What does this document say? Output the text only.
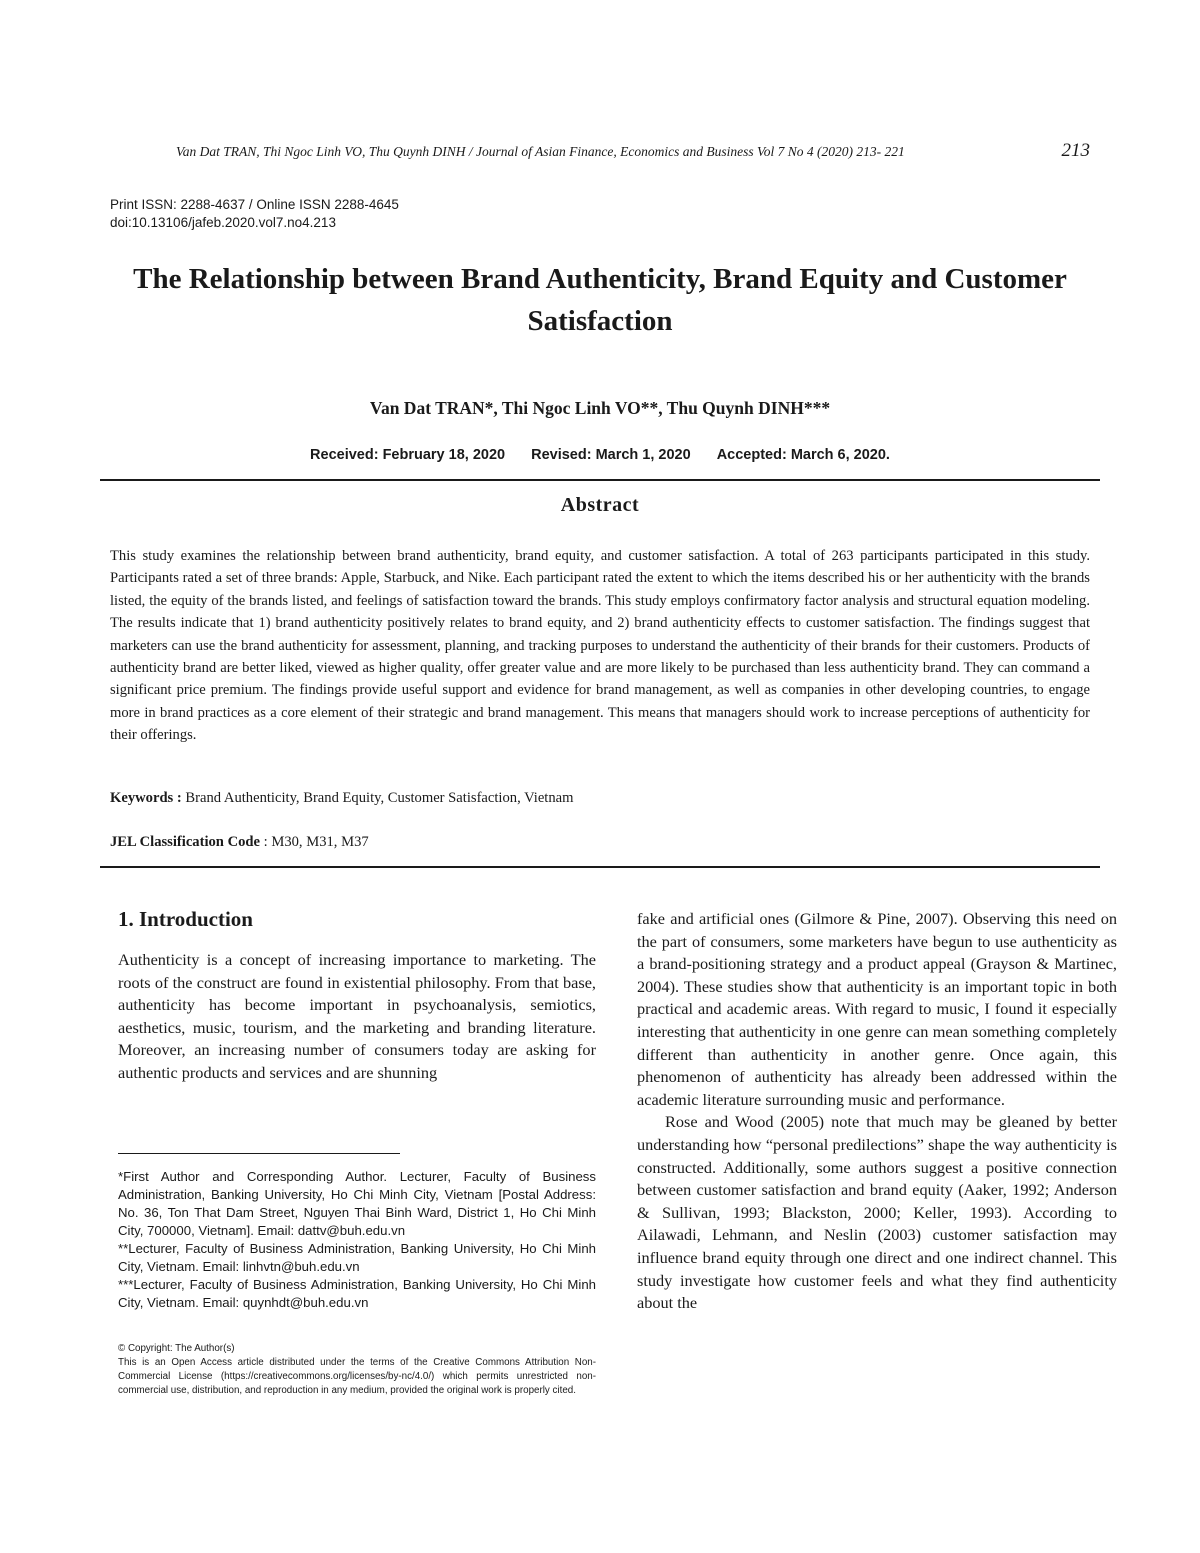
Van Dat TRAN, Thi Ngoc Linh VO, Thu Quynh DINH / Journal of Asian Finance, Economics and Business Vol 7 No 4 (2020) 213- 221	213
Print ISSN: 2288-4637 / Online ISSN 2288-4645
doi:10.13106/jafeb.2020.vol7.no4.213
The Relationship between Brand Authenticity, Brand Equity and Customer Satisfaction
Van Dat TRAN*, Thi Ngoc Linh VO**, Thu Quynh DINH***
Received: February 18, 2020 Revised: March 1, 2020 Accepted: March 6, 2020.
Abstract

This study examines the relationship between brand authenticity, brand equity, and customer satisfaction. A total of 263 participants participated in this study. Participants rated a set of three brands: Apple, Starbuck, and Nike. Each participant rated the extent to which the items described his or her authenticity with the brands listed, the equity of the brands listed, and feelings of satisfaction toward the brands. This study employs confirmatory factor analysis and structural equation modeling. The results indicate that 1) brand authenticity positively relates to brand equity, and 2) brand authenticity effects to customer satisfaction. The findings suggest that marketers can use the brand authenticity for assessment, planning, and tracking purposes to understand the authenticity of their brands for their customers. Products of authenticity brand are better liked, viewed as higher quality, offer greater value and are more likely to be purchased than less authenticity brand. They can command a significant price premium. The findings provide useful support and evidence for brand management, as well as companies in other developing countries, to engage more in brand practices as a core element of their strategic and brand management. This means that managers should work to increase perceptions of authenticity for their offerings.

Keywords : Brand Authenticity, Brand Equity, Customer Satisfaction, Vietnam
JEL Classification Code : M30, M31, M37
1. Introduction

Authenticity is a concept of increasing importance to marketing. The roots of the construct are found in existential philosophy. From that base, authenticity has become important in psychoanalysis, semiotics, aesthetics, music, tourism, and the marketing and branding literature. Moreover, an increasing number of consumers today are asking for authentic products and services and are shunning

*First Author and Corresponding Author. Lecturer, Faculty of Business Administration, Banking University, Ho Chi Minh City, Vietnam [Postal Address: No. 36, Ton That Dam Street, Nguyen Thai Binh Ward, District 1, Ho Chi Minh City, 700000, Vietnam]. Email: dattv@buh.edu.vn

**Lecturer, Faculty of Business Administration, Banking University, Ho Chi Minh City, Vietnam. Email: linhvtn@buh.edu.vn

***Lecturer, Faculty of Business Administration, Banking University, Ho Chi Minh City, Vietnam. Email: quynhdt@buh.edu.vn

© Copyright: The Author(s)

This is an Open Access article distributed under the terms of the Creative Commons Attribution Non-Commercial License (https://creativecommons.org/licenses/by-nc/4.0/) which permits unrestricted non-commercial use, distribution, and reproduction in any medium, provided the original work is properly cited.

fake and artificial ones (Gilmore & Pine, 2007). Observing this need on the part of consumers, some marketers have begun to use authenticity as a brand-positioning strategy and a product appeal (Grayson & Martinec, 2004). These studies show that authenticity is an important topic in both practical and academic areas. With regard to music, I found it especially interesting that authenticity in one genre can mean something completely different than authenticity in another genre. Once again, this phenomenon of authenticity has already been addressed within the academic literature surrounding music and performance.

Rose and Wood (2005) note that much may be gleaned by better understanding how “personal predilections” shape the way authenticity is constructed. Additionally, some authors suggest a positive connection between customer satisfaction and brand equity (Aaker, 1992; Anderson & Sullivan, 1993; Blackston, 2000; Keller, 1993). According to Ailawadi, Lehmann, and Neslin (2003) customer satisfaction may influence brand equity through one direct and one indirect channel. This study investigate how customer feels and what they find authenticity about the
